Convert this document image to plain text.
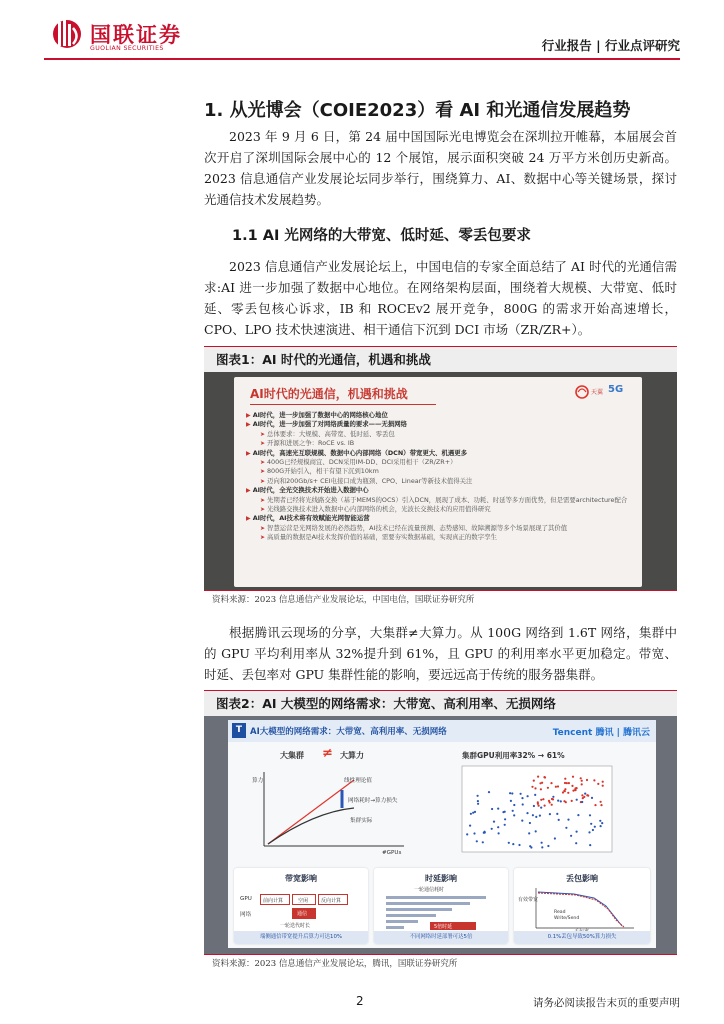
国联证券
GUOLIAN SECURITIES	行业报告 | 行业点评研究
1. 从光博会（COIE2023）看 AI 和光通信发展趋势
2023 年 9 月 6 日，第 24 届中国国际光电博览会在深圳拉开帷幕，本届展会首次开启了深圳国际会展中心的 12 个展馆，展示面积突破 24 万平方米创历史新高。2023 信息通信产业发展论坛同步举行，围绕算力、AI、数据中心等关键场景，探讨光通信技术发展趋势。
1.1 AI 光网络的大带宽、低时延、零丢包要求
2023 信息通信产业发展论坛上，中国电信的专家全面总结了 AI 时代的光通信需求:AI 进一步加强了数据中心地位。在网络架构层面，围绕着大规模、大带宽、低时延、零丢包核心诉求，IB 和 ROCEv2 展开竞争，800G 的需求开始高速增长，CPO、LPO 技术快速演进、相干通信下沉到 DCI 市场（ZR/ZR+）。
图表1：AI 时代的光通信，机遇和挑战
AI时代的光通信，机遇和挑战	天翼 5G
▶ AI时代，进一步加强了数据中心的网络核心地位
▶ AI时代，进一步加强了对网络质量的要求——无损网络
➤ 总体要求：大规模、高带宽、低时延、零丢包
➤ 开源和进展之争：RoCE vs. IB
▶ AI时代，高速光互联规模、数据中心内部网络（DCN）带宽更大、机遇更多
➤ 400G已经规模商宜、DCN采用IM-DD、DCI采用相干（ZR/ZR+）
➤ 800G开始引入，相干有望下沉到10km
➤ 迈向和200Gb/s+ CEI电接口成为瓶颈、CPO、Linear等新技术值得关注
▶ AI时代，全光交换技术开始进入数据中心
➤ 先期者已经将光线路交换（基于MEMS的OCS）引入DCN，展现了成本、功耗、时延等多方面优势，但是需要architecture配合
➤ 光线路交换技术进入数据中心内部网络的机会，光波长交换技术的应用值得研究
▶ AI时代，AI技术将有效赋能光网智能运营
➤ 智慧运营是光网络发展的必然趋势，AI技术已经在流量预测、态势感知、故障溯源等多个场景展现了其价值
➤ 高质量的数据是AI技术发挥价值的基础，需要夯实数据基础，实现真正的数字孪生
资料来源：2023 信息通信产业发展论坛，中国电信，国联证券研究所
根据腾讯云现场的分享，大集群≠大算力。从 100G 网络到 1.6T 网络，集群中的 GPU 平均利用率从 32%提升到 61%，且 GPU 的利用率水平更加稳定。带宽、时延、丢包率对 GPU 集群性能的影响，要远远高于传统的服务器集群。
图表2：AI 大模型的网络需求：大带宽、高利用率、无损网络
T AI大模型的网络需求：大带宽、高利用率、无损网络	Tencent 腾讯 | 腾讯云
大集群 ≠ 大算力
算力
#GPUs
线性理论值
网络耗时→算力损失
集群实际
集群GPU利用率32% → 61%
带宽影响
GPU
网络
前向计算	空闲	反向计算
通信
一轮迭代时长
端侧通信带宽提升后算力可达10%
时延影响
一轮通信耗时
5倍时延
不同网络时延部署可达5倍
丢包影响
有效带宽
Read
Write/Send
0.1%丢包导致50%算力损失
资料来源：2023 信息通信产业发展论坛，腾讯，国联证券研究所
2	请务必阅读报告末页的重要声明
